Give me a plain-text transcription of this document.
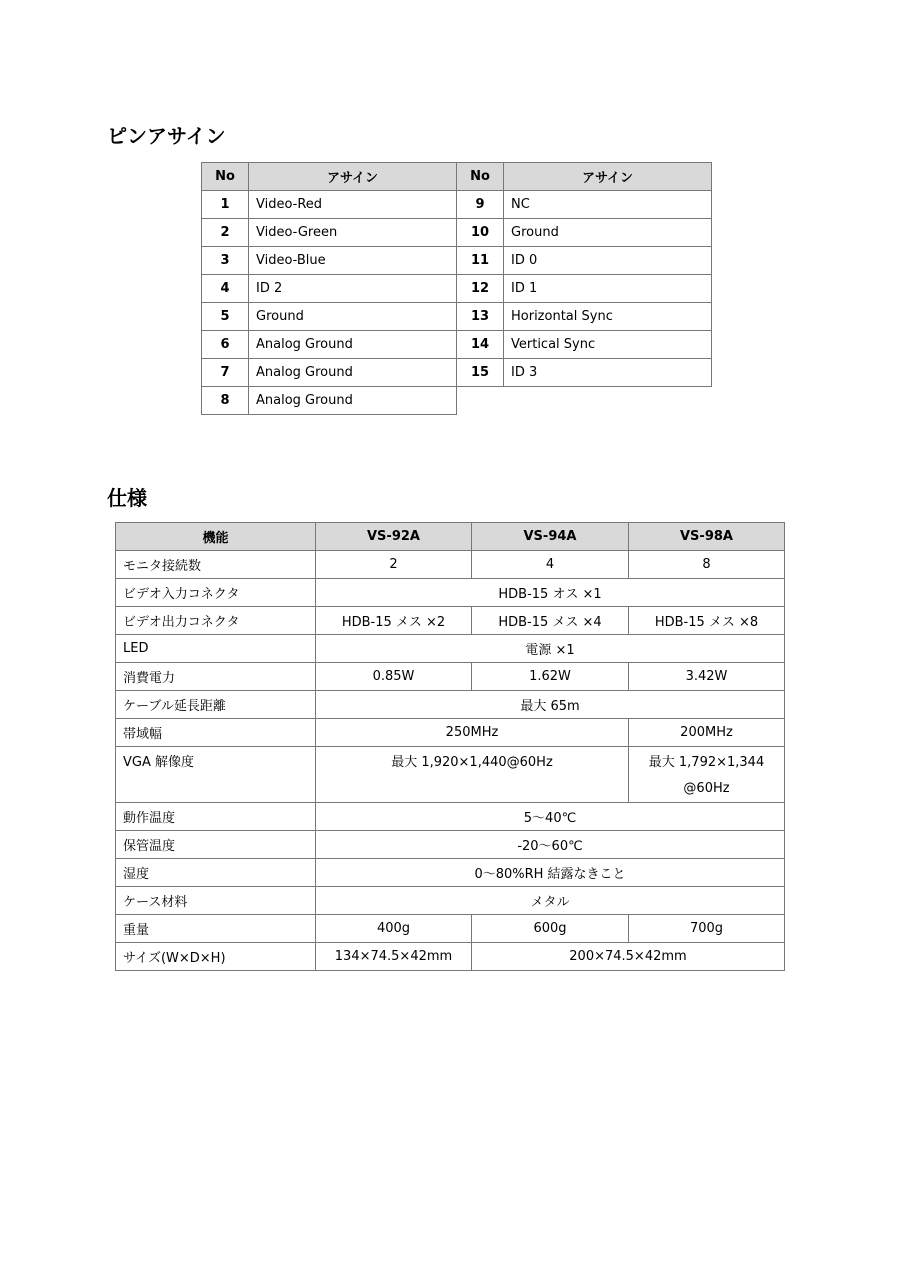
ピンアサイン
No	アサイン	No	アサイン
1	Video-Red	9	NC
2	Video-Green	10	Ground
3	Video-Blue	11	ID 0
4	ID 2	12	ID 1
5	Ground	13	Horizontal Sync
6	Analog Ground	14	Vertical Sync
7	Analog Ground	15	ID 3
8	Analog Ground		
仕様
機能	VS-92A	VS-94A	VS-98A
モニタ接続数	2	4	8
ビデオ入力コネクタ	HDB-15 オス ×1		
ビデオ出力コネクタ	HDB-15 メス ×2	HDB-15 メス ×4	HDB-15 メス ×8
LED	電源 ×1		
消費電力	0.85W	1.62W	3.42W
ケーブル延長距離	最大 65m		
帯域幅	250MHz		200MHz
VGA 解像度	最大 1,920×1,440@60Hz		最大 1,792×1,344
@60Hz

動作温度	5～40℃		
保管温度	-20～60℃		
湿度	0～80%RH 結露なきこと		
ケース材料	メタル		
重量	400g	600g	700g
サイズ(W×D×H)	134×74.5×42mm	200×74.5×42mm	
